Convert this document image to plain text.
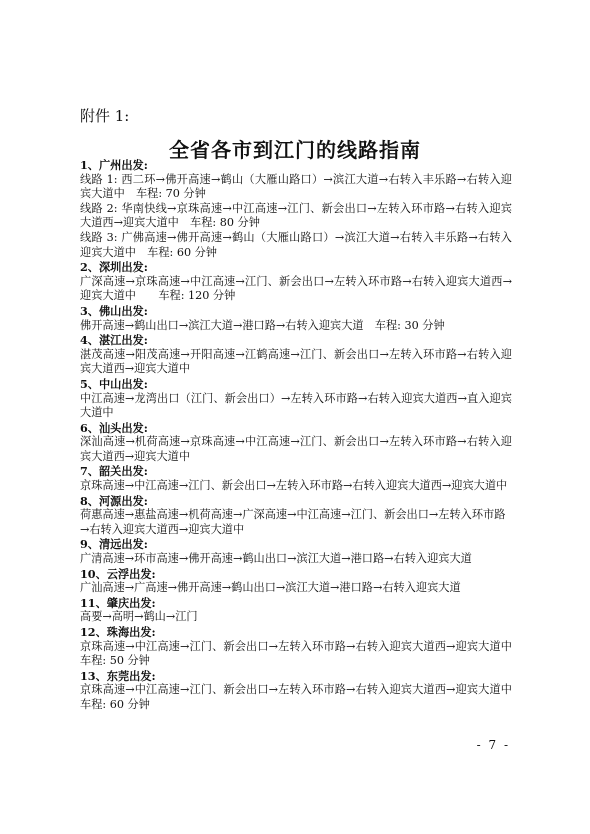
附件 1:
全省各市到江门的线路指南

1、广州出发:

线路 1: 西二环→佛开高速→鹤山（大雁山路口）→滨江大道→右转入丰乐路→右转入迎宾大道中　车程: 70 分钟

线路 2: 华南快线→京珠高速→中江高速→江门、新会出口→左转入环市路→右转入迎宾大道西→迎宾大道中　车程: 80 分钟

线路 3: 广佛高速→佛开高速→鹤山（大雁山路口）→滨江大道→右转入丰乐路→右转入迎宾大道中　车程: 60 分钟

2、深圳出发:

广深高速→京珠高速→中江高速→江门、新会出口→左转入环市路→右转入迎宾大道西→迎宾大道中　　车程: 120 分钟

3、佛山出发:

佛开高速→鹤山出口→滨江大道→港口路→右转入迎宾大道　车程: 30 分钟

4、湛江出发:

湛茂高速→阳茂高速→开阳高速→江鹤高速→江门、新会出口→左转入环市路→右转入迎宾大道西→迎宾大道中

5、中山出发:

中江高速→龙湾出口（江门、新会出口）→左转入环市路→右转入迎宾大道西→直入迎宾大道中

6、汕头出发:

深汕高速→机荷高速→京珠高速→中江高速→江门、新会出口→左转入环市路→右转入迎宾大道西→迎宾大道中

7、韶关出发:

京珠高速→中江高速→江门、新会出口→左转入环市路→右转入迎宾大道西→迎宾大道中

8、河源出发:

荷惠高速→惠盐高速→机荷高速→广深高速→中江高速→江门、新会出口→左转入环市路

→右转入迎宾大道西→迎宾大道中

9、清远出发:

广清高速→环市高速→佛开高速→鹤山出口→滨江大道→港口路→右转入迎宾大道

10、云浮出发:

广汕高速→广高速→佛开高速→鹤山出口→滨江大道→港口路→右转入迎宾大道

11、肇庆出发:

高要→高明→鹤山→江门

12、珠海出发:

京珠高速→中江高速→江门、新会出口→左转入环市路→右转入迎宾大道西→迎宾大道中　车程: 50 分钟

13、东莞出发:

京珠高速→中江高速→江门、新会出口→左转入环市路→右转入迎宾大道西→迎宾大道中　车程: 60 分钟

- 7 -
